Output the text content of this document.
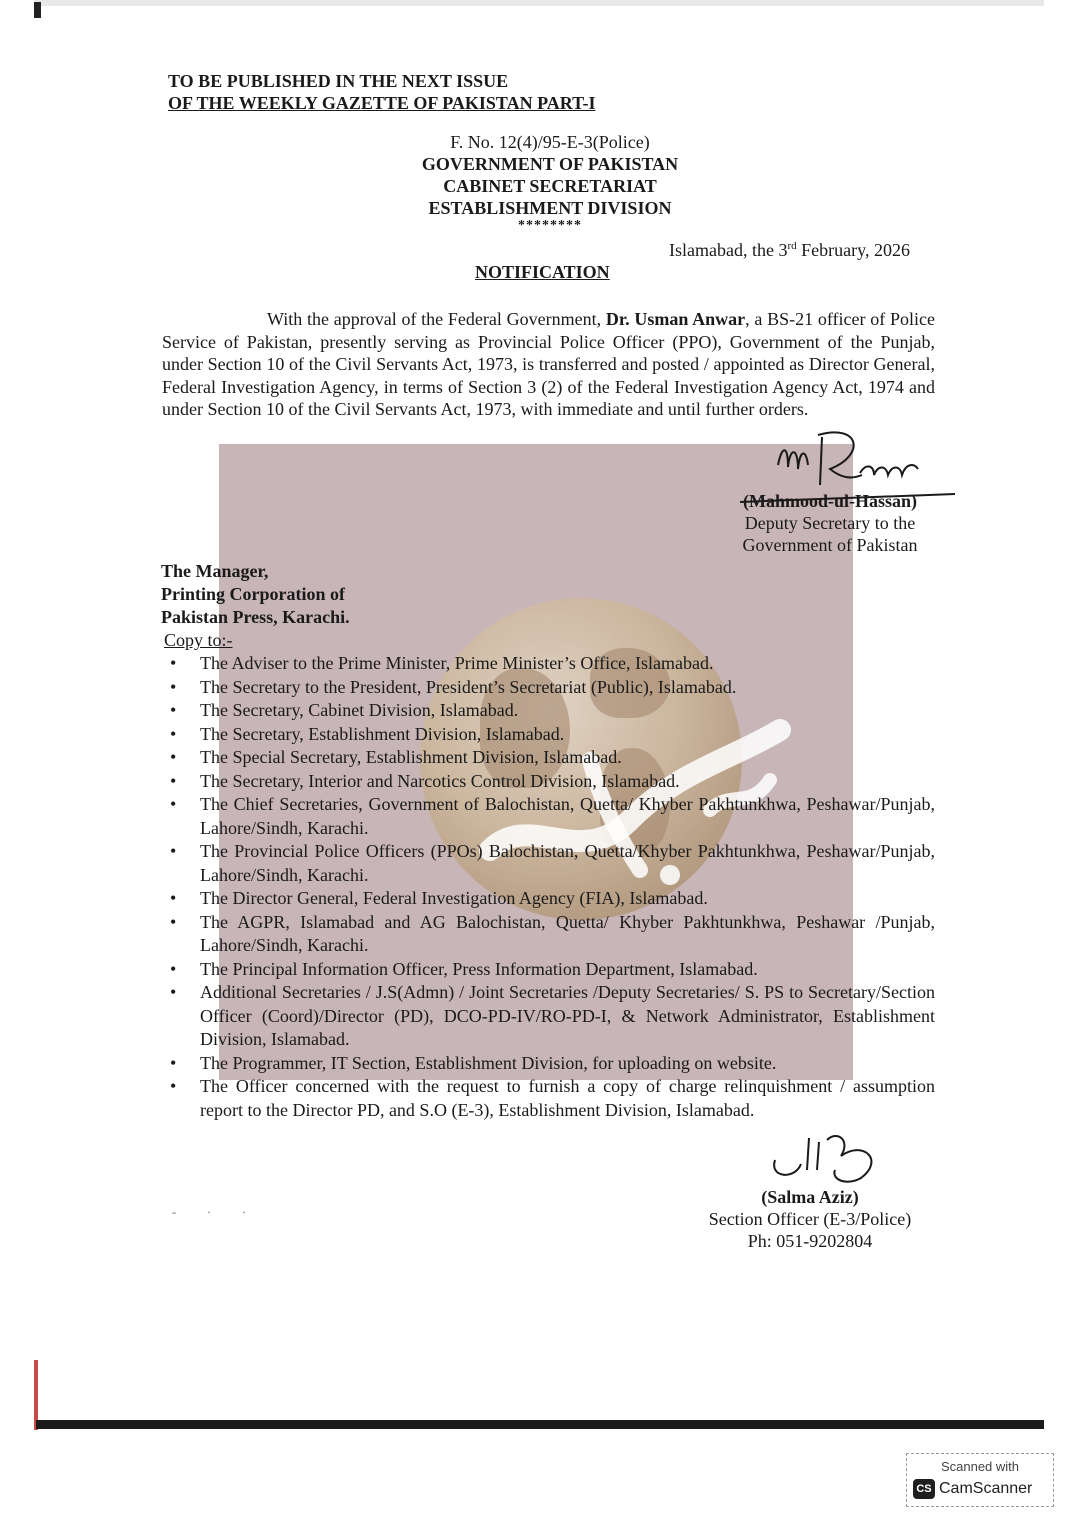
TO BE PUBLISHED IN THE NEXT ISSUE
OF THE WEEKLY GAZETTE OF PAKISTAN PART-I
F. No. 12(4)/95-E-3(Police)
GOVERNMENT OF PAKISTAN
CABINET SECRETARIAT
ESTABLISHMENT DIVISION
********
Islamabad, the 3rd February, 2026
NOTIFICATION
With the approval of the Federal Government, Dr. Usman Anwar, a BS-21 officer of Police Service of Pakistan, presently serving as Provincial Police Officer (PPO), Government of the Punjab, under Section 10 of the Civil Servants Act, 1973, is transferred and posted / appointed as Director General, Federal Investigation Agency, in terms of Section 3 (2) of the Federal Investigation Agency Act, 1974 and under Section 10 of the Civil Servants Act, 1973, with immediate and until further orders.
(Mahmood-ul-Hassan)
Deputy Secretary to the
Government of Pakistan
The Manager,
Printing Corporation of
Pakistan Press, Karachi.
Copy to:-
• The Adviser to the Prime Minister, Prime Minister’s Office, Islamabad.
• The Secretary to the President, President’s Secretariat (Public), Islamabad.
• The Secretary, Cabinet Division, Islamabad.
• The Secretary, Establishment Division, Islamabad.
• The Special Secretary, Establishment Division, Islamabad.
• The Secretary, Interior and Narcotics Control Division, Islamabad.
• The Chief Secretaries, Government of Balochistan, Quetta/ Khyber Pakhtunkhwa, Peshawar/Punjab, Lahore/Sindh, Karachi.
• The Provincial Police Officers (PPOs) Balochistan, Quetta/Khyber Pakhtunkhwa, Peshawar/Punjab, Lahore/Sindh, Karachi.
• The Director General, Federal Investigation Agency (FIA), Islamabad.
• The AGPR, Islamabad and AG Balochistan, Quetta/ Khyber Pakhtunkhwa, Peshawar /Punjab, Lahore/Sindh, Karachi.
• The Principal Information Officer, Press Information Department, Islamabad.
• Additional Secretaries / J.S(Admn) / Joint Secretaries /Deputy Secretaries/ S. PS to Secretary/Section Officer (Coord)/Director (PD), DCO-PD-IV/RO-PD-I, & Network Administrator, Establishment Division, Islamabad.
• The Programmer, IT Section, Establishment Division, for uploading on website.
• The Officer concerned with the request to furnish a copy of charge relinquishment / assumption report to the Director PD, and S.O (E-3), Establishment Division, Islamabad.
- · ·
(Salma Aziz)
Section Officer (E-3/Police)
Ph: 051-9202804
Scanned with
CS CamScanner
